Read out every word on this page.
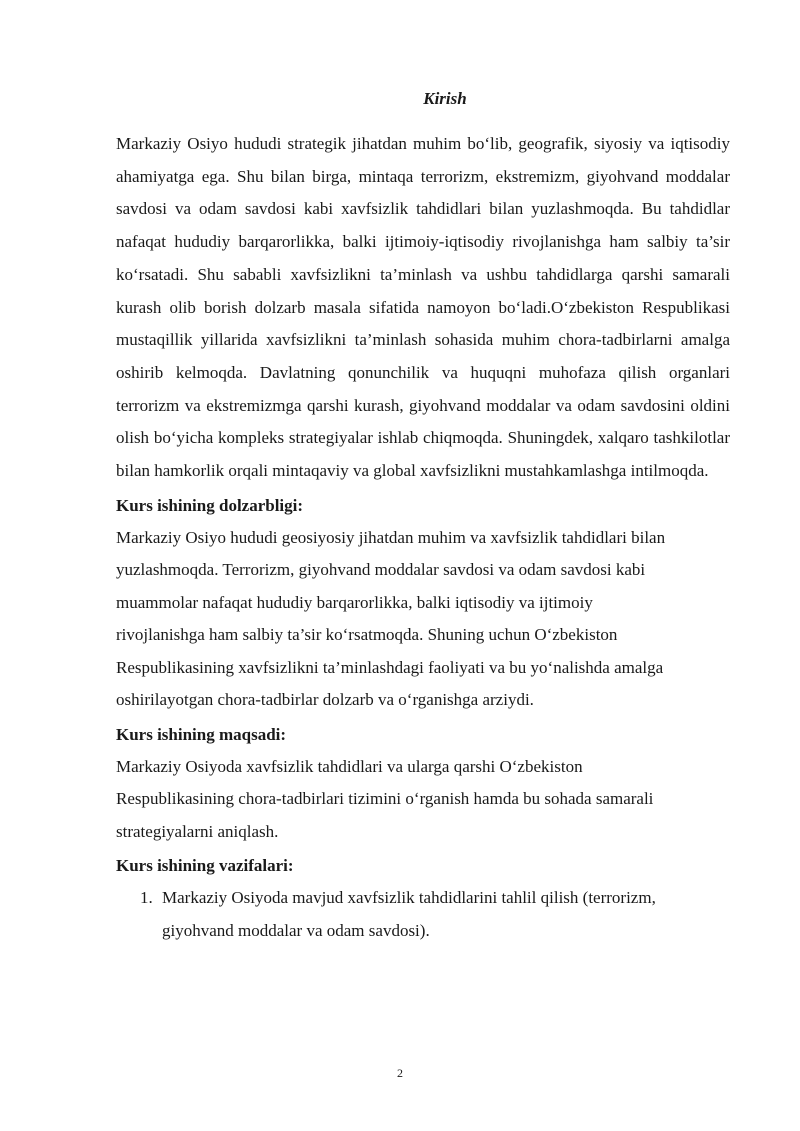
Kirish

Markaziy Osiyo hududi strategik jihatdan muhim bo‘lib, geografik, siyosiy va iqtisodiy ahamiyatga ega. Shu bilan birga, mintaqa terrorizm, ekstremizm, giyohvand moddalar savdosi va odam savdosi kabi xavfsizlik tahdidlari bilan yuzlashmoqda. Bu tahdidlar nafaqat hududiy barqarorlikka, balki ijtimoiy-iqtisodiy rivojlanishga ham salbiy ta’sir ko‘rsatadi. Shu sababli xavfsizlikni ta’minlash va ushbu tahdidlarga qarshi samarali kurash olib borish dolzarb masala sifatida namoyon bo‘ladi.O‘zbekiston Respublikasi mustaqillik yillarida xavfsizlikni ta’minlash sohasida muhim chora-tadbirlarni amalga oshirib kelmoqda. Davlatning qonunchilik va huquqni muhofaza qilish organlari terrorizm va ekstremizmga qarshi kurash, giyohvand moddalar va odam savdosini oldini olish bo‘yicha kompleks strategiyalar ishlab chiqmoqda. Shuningdek, xalqaro tashkilotlar bilan hamkorlik orqali mintaqaviy va global xavfsizlikni mustahkamlashga intilmoqda.

Kurs ishining dolzarbligi:
Markaziy Osiyo hududi geosiyosiy jihatdan muhim va xavfsizlik tahdidlari bilan
yuzlashmoqda. Terrorizm, giyohvand moddalar savdosi va odam savdosi kabi
muammolar nafaqat hududiy barqarorlikka, balki iqtisodiy va ijtimoiy
rivojlanishga ham salbiy ta’sir ko‘rsatmoqda. Shuning uchun O‘zbekiston
Respublikasining xavfsizlikni ta’minlashdagi faoliyati va bu yo‘nalishda amalga
oshirilayotgan chora-tadbirlar dolzarb va o‘rganishga arziydi.
Kurs ishining maqsadi:
Markaziy Osiyoda xavfsizlik tahdidlari va ularga qarshi O‘zbekiston
Respublikasining chora-tadbirlari tizimini o‘rganish hamda bu sohada samarali
strategiyalarni aniqlash.
Kurs ishining vazifalari:
1. Markaziy Osiyoda mavjud xavfsizlik tahdidlarini tahlil qilish (terrorizm,
giyohvand moddalar va odam savdosi).
2
